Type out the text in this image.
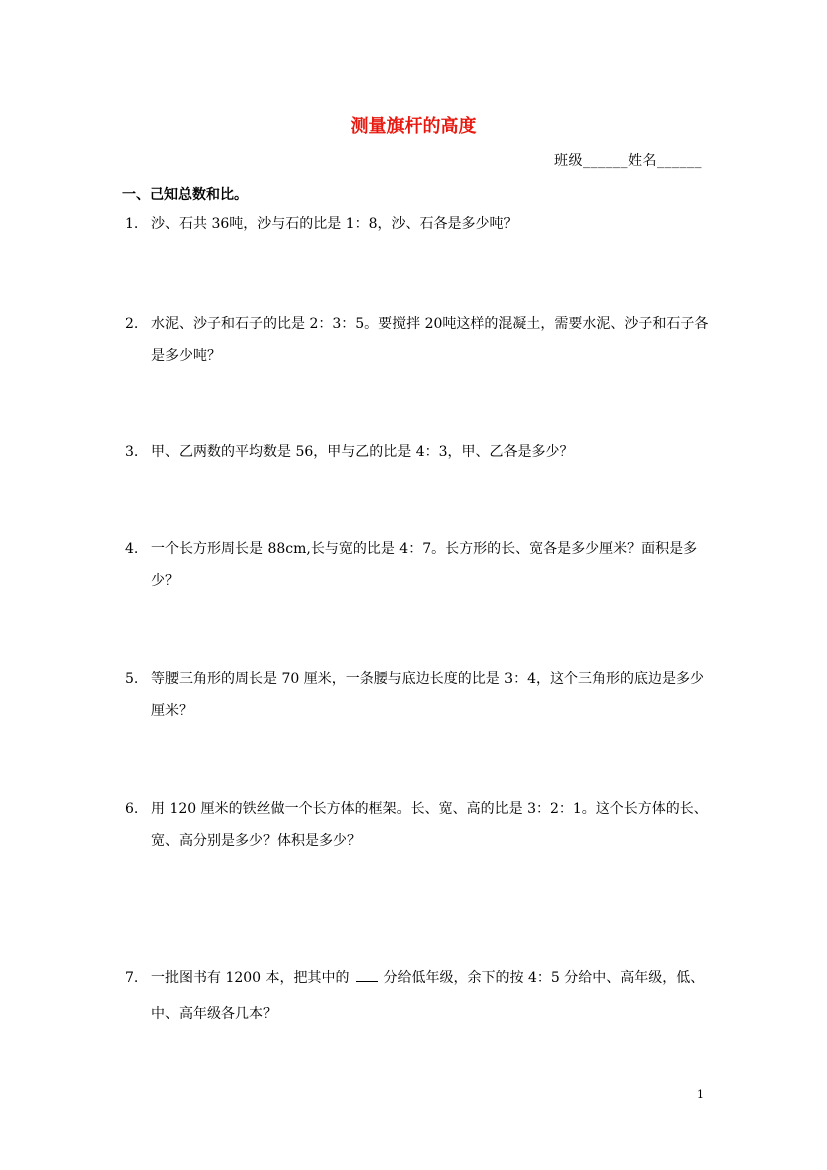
测量旗杆的高度
班级______姓名______
一、己知总数和比。
1. 沙、石共 36吨，沙与石的比是 1：8，沙、石各是多少吨？
2. 水泥、沙子和石子的比是 2：3：5。要搅拌 20吨这样的混凝土，需要水泥、沙子和石子各是多少吨？
3. 甲、乙两数的平均数是 56，甲与乙的比是 4：3，甲、乙各是多少？
4. 一个长方形周长是 88cm,长与宽的比是 4：7。长方形的长、宽各是多少厘米？面积是多少？
5. 等腰三角形的周长是 70 厘米，一条腰与底边长度的比是 3：4，这个三角形的底边是多少厘米？
6. 用 120 厘米的铁丝做一个长方体的框架。长、宽、高的比是 3：2：1。这个长方体的长、宽、高分别是多少？体积是多少？
7. 一批图书有 1200 本，把其中的 分给低年级，余下的按 4：5 分给中、高年级，低、中、高年级各几本？
1
